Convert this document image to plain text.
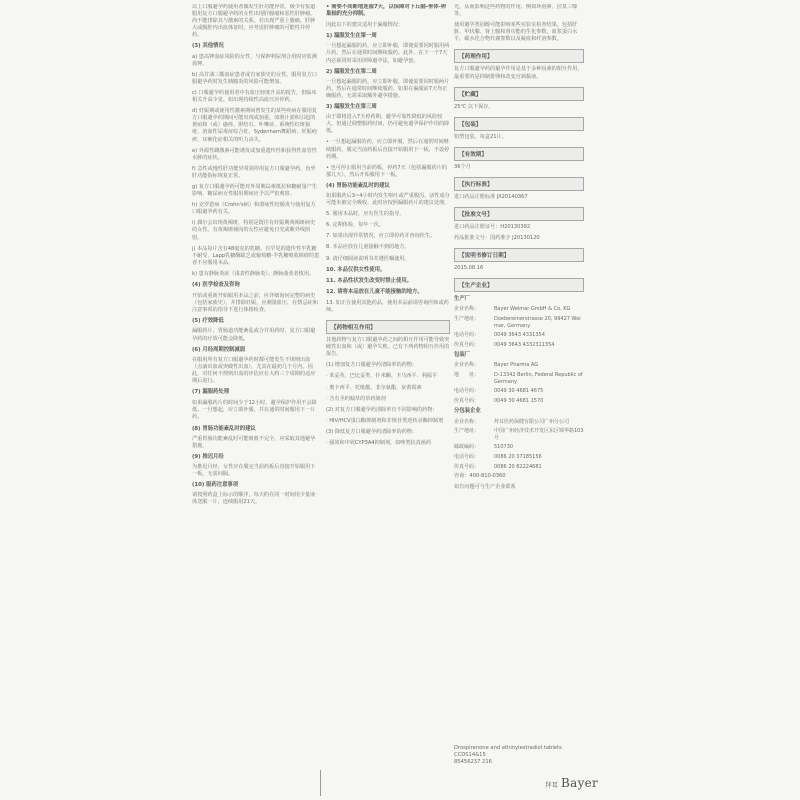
以上口服避孕药使用者偶发生肝功能异常。极少有报道服用复方口服避孕药的女性出现肝腺瘤和恶性肝肿瘤，尚不能排除其与激素的关系。若出现严重上腹痛、肝肿大或腹腔内出血体征时，应考虑肝肿瘤的可能性并停药。

(3) 其他情况

a) 患高钾血症风险的女性，与保钾利尿剂合用时应监测血钾。

b) 高甘油三酯血症患者或有家族史的女性，服用复方口服避孕药时发生胰腺炎的风险可能增加。

c) 口服避孕药使用者中有血压轻度升高的报告，但临床相关升高少见。如出现持续性高血压应停药。

d) 妊娠期或使用性激素期间曾发生的某些疾病在服用复方口服避孕药期间可能出现或加重，如胆汁淤积引起的黄疸和（或）瘙痒、胆结石、卟啉症、系统性红斑狼疮、溶血性尿毒症综合征、Sydenham舞蹈病、妊娠疱疹、耳硬化症相关的听力丧失。

e) 外源性雌激素可能诱发或加重遗传性和获得性血管性水肿的症状。

f) 急性或慢性肝功能异常需停用复方口服避孕药，直至肝功能指标恢复正常。

g) 复方口服避孕药可能对外周胰岛素抵抗和糖耐量产生影响，糖尿病女性服用期间应予以严密观察。

h) 克罗恩病（Crohn's病）和溃疡性结肠炎与使用复方口服避孕药有关。

i) 偶尔会出现黄褐斑，特别是既往有妊娠期黄褐斑病史的女性。有黄褐斑倾向的女性应避免日光或紫外线照射。

j) 本品每片含有48毫克的乳糖。有罕见的遗传性半乳糖不耐受、Lapp乳糖酶缺乏或葡萄糖-半乳糖吸收障碍的患者不应服用本品。

k) 患有静脉炎症（浅表性静脉炎）、静脉曲张者慎用。

(4) 医学检查及咨询

开始或重新开始服用本品之前，应详细询问完整的病史（包括家族史），并排除妊娠。应测量血压，在禁忌症和注意事项的指导下进行体格检查。

(5) 疗效降低

漏服药片、胃肠道功能紊乱或合并用药时，复方口服避孕药的疗效可能会降低。

(6) 月经周期控制减弱

在服用所有复方口服避孕药时都可能发生不规则出血（点滴出血或突破性出血），尤其在最初几个月内。因此，对任何不规则出血的评估应在大约三个周期的适应期后进行。

(7) 漏服药处理

如果漏服药片的时间少于12小时，避孕保护作用不会降低。一旦想起，应立即补服，并在通常时间服用下一片药。

(8) 胃肠功能紊乱时的建议

严重胃肠功能紊乱时可能吸收不完全，应采取其他避孕措施。

(9) 推迟月经

为推迟月经，女性应在服完当前药板后直接开始服用下一板，无需间隔。

(10) 服药注意事项

请按照药盒上标示的顺序，每天约在同一时间用少量液体送服一片，连续服用21天。

• 需要不间断地连服7天，以保障对下丘脑-垂体-卵巢轴的充分抑制。

因此以下的建议适用于漏服情况：

1) 漏服发生在第一周

一旦想起漏服的药，应立即补服，即使需要同时服用两片药。然后在通常时间继续服药。此外，在下一个7天内必须同时采用屏障避孕法，如避孕套。

2) 漏服发生在第二周

一旦想起漏服的药，应立即补服，即使需要同时服两片药。然后在通常时间继续服药。如果在漏服前7天均正确服药，无需采取额外避孕措施。

3) 漏服发生在第三周

由于即将进入7天停药期，避孕可靠性降低的风险较大。但通过调整服药时间，仍可避免避孕保护作用的降低。

• 一旦想起漏服的药，应立即补服，然后在通常时间继续服药。服完当前药板后直接开始服用下一板，不设停药期。

• 也可停止服用当前药板，停药7天（包括漏服药片的那几天），然后开始服用下一板。

(4) 胃肠功能紊乱时的建议

如果服药后3~4小时内发生呕吐或严重腹泻，活性成分可能未被完全吸收，此时应按照漏服药片的建议处理。

5. 服用本品时，应有医生的指导。

6. 定期体检，每年一次。

7. 如果出现异常情况，应立即停药并咨询医生。

8. 本品应放在儿童接触不到的地方。

9. 请仔细阅读说明书并遵医嘱使用。

10. 本品仅供女性使用。

11. 本品性状发生改变时禁止使用。

12. 请将本品放在儿童不能接触的地方。

13. 如正在使用其他药品，使用本品前请咨询医师或药师。

【药物相互作用】

其他药物与复方口服避孕药之间的相互作用可能导致突破性出血和（或）避孕失败。已有下列药物相互作用的报告。

(1) 增加复方口服避孕药清除率的药物：

· 苯妥英、巴比妥类、扑米酮、卡马西平、利福平

· 奥卡西平、托吡酯、非尔氨酯、灰黄霉素

· 含有圣约翰草的草药制剂

(2) 对复方口服避孕药清除率有不同影响的药物：

· HIV/HCV蛋白酶抑制剂和非核苷类逆转录酶抑制剂

(3) 降低复方口服避孕药清除率的药物：

· 强效和中效CYP3A4抑制剂，如唑类抗真菌药

光，从而影响这些药物的作用。例如环孢素、拉莫三嗪等。

使用避孕类固醇可能影响某些实验室检查结果，包括肝脏、甲状腺、肾上腺和肾功能的生化参数，血浆蛋白水平，碳水化合物代谢参数以及凝血和纤溶参数。

【药理作用】

复方口服避孕药的避孕作用是基于多种因素的相互作用，最重要的是抑制排卵和改变宫颈黏液。

【贮藏】

25℃ 以下保存。

【包装】

铝塑包装。每盒21片。

【有效期】

36个月

【执行标准】

进口药品注册标准 JX20140367

【批准文号】

进口药品注册证号：H20130392

药品批准文号：国药准字 J20130120

【说明书修订日期】

2015.08.16

【生产企业】

生产厂

企业名称：	Bayer Weimar GmbH & Co. KG
生产地址：	Doebereinerstrasse 20, 99427 Weimar, Germany
电话号码：	0049 3643 4331354
传真号码：	0049 3643 4332311354

包装厂

企业名称：	Bayer Pharma AG
地　　址：	D-13342 Berlin, Federal Republic of Germany
电话号码：	0049 30 4681 4675
传真号码：	0049 30 4681 1570

分包装企业

企业名称：	拜耳医药保健有限公司广州分公司
生产地址：	中国广州经济技术开发区东区锦华路103号
邮政编码：	510730
电话号码：	0086 20 37185156
传真号码：	0086 20 82224681

咨询：400-810-0360

如有问题可与生产企业联系

Drospirenone and ethinylestradiol tablets
CCDS14&15
85456237 216
拜耳 Bayer
